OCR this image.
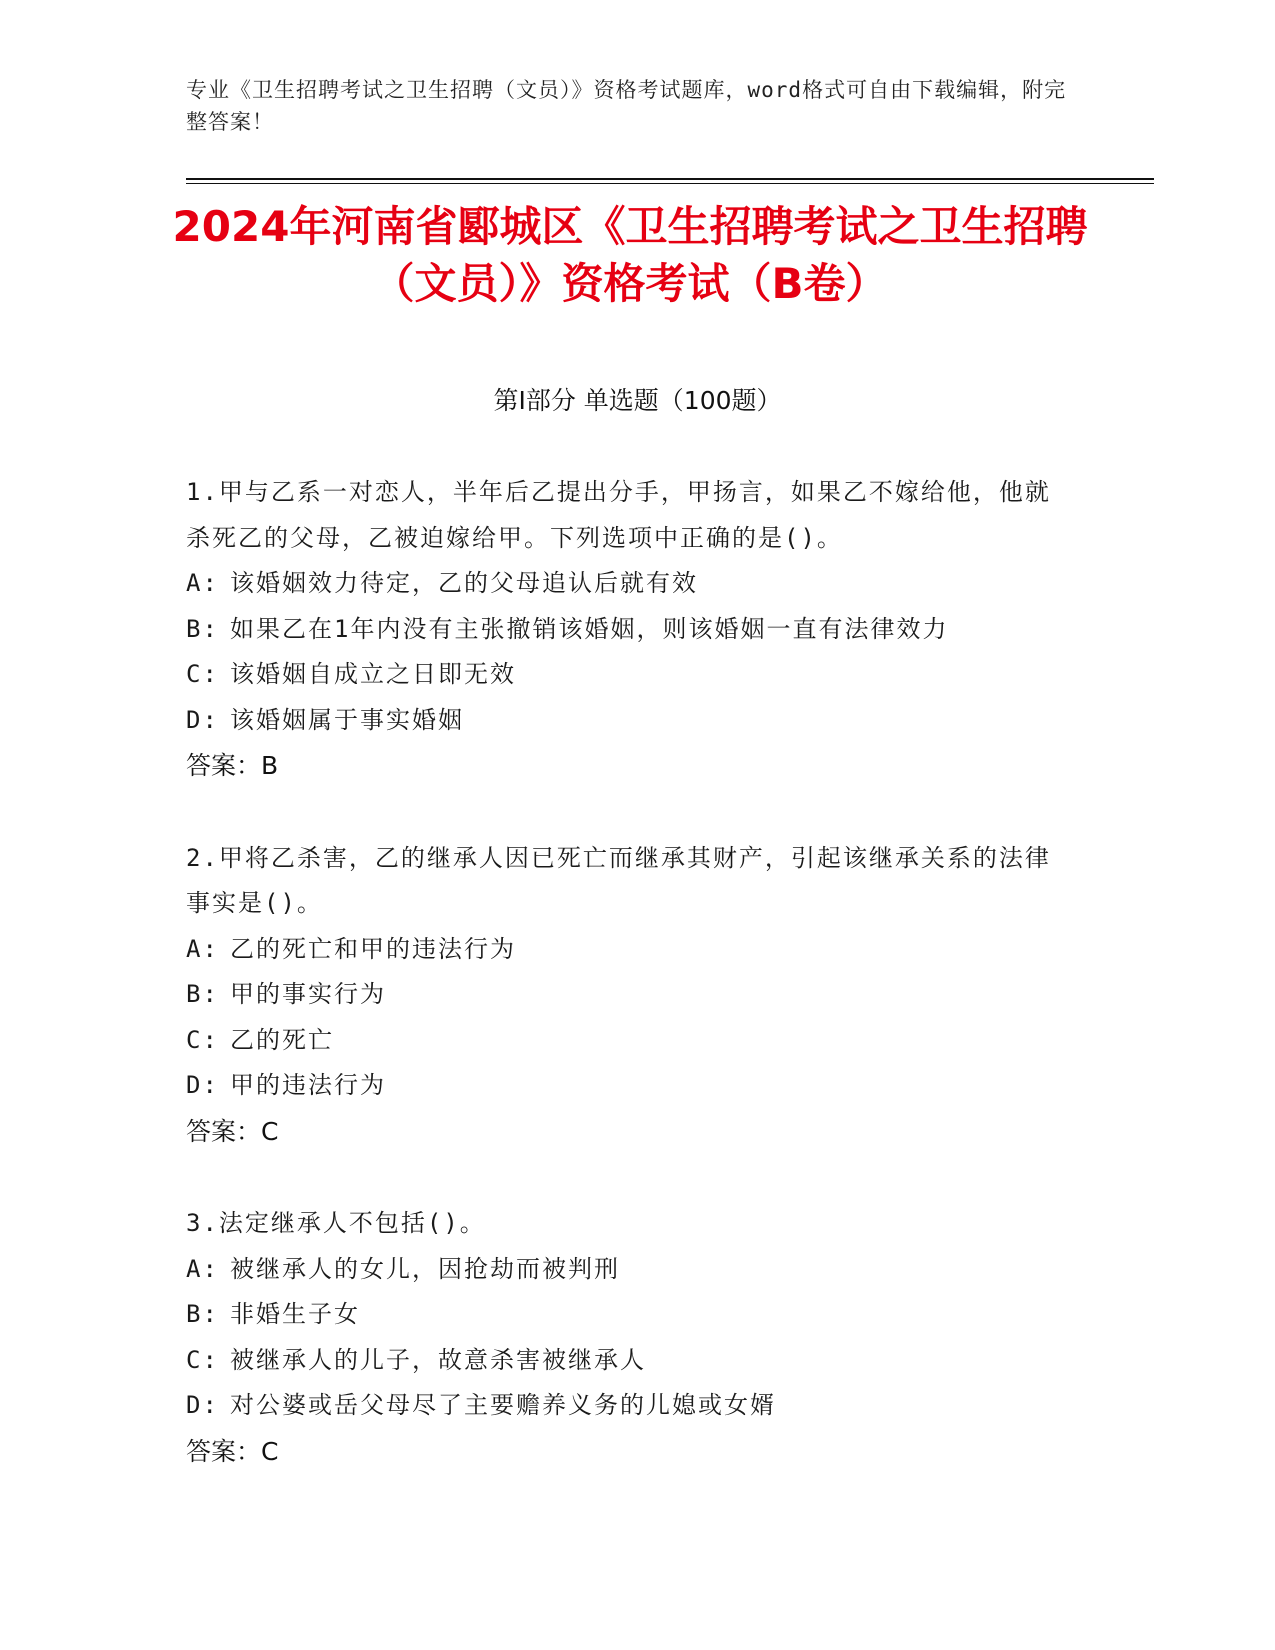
专业《卫生招聘考试之卫生招聘（文员）》资格考试题库，word格式可自由下载编辑，附完整答案！
2024年河南省郾城区《卫生招聘考试之卫生招聘（文员）》资格考试（B卷）
第Ⅰ部分 单选题（100题）
1.甲与乙系一对恋人，半年后乙提出分手，甲扬言，如果乙不嫁给他，他就杀死乙的父母，乙被迫嫁给甲。下列选项中正确的是()。
A: 该婚姻效力待定，乙的父母追认后就有效
B: 如果乙在1年内没有主张撤销该婚姻，则该婚姻一直有法律效力
C: 该婚姻自成立之日即无效
D: 该婚姻属于事实婚姻
答案：B
2.甲将乙杀害，乙的继承人因已死亡而继承其财产，引起该继承关系的法律事实是()。
A: 乙的死亡和甲的违法行为
B: 甲的事实行为
C: 乙的死亡
D: 甲的违法行为
答案：C
3.法定继承人不包括()。
A: 被继承人的女儿，因抢劫而被判刑
B: 非婚生子女
C: 被继承人的儿子，故意杀害被继承人
D: 对公婆或岳父母尽了主要赡养义务的儿媳或女婿
答案：C
